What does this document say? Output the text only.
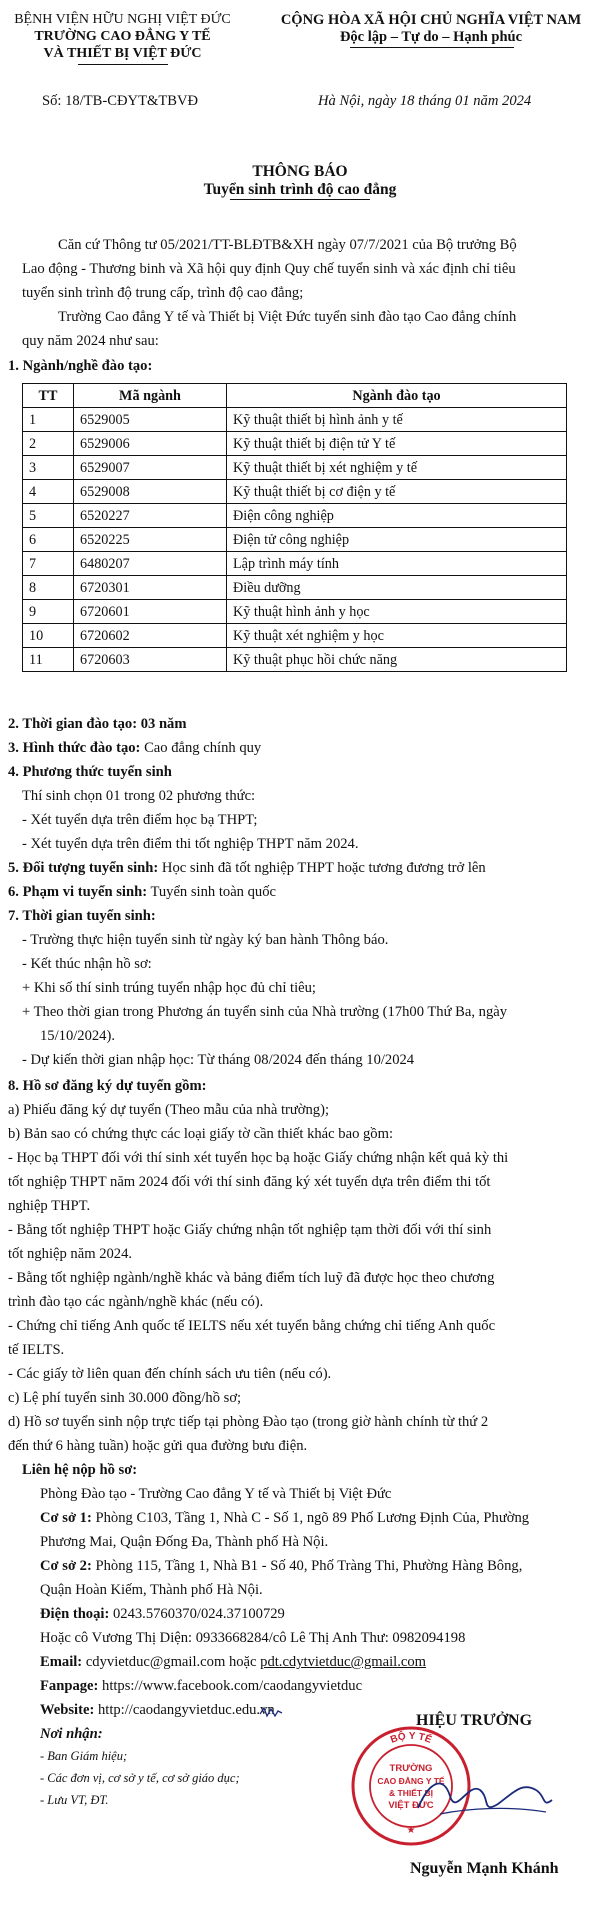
BỆNH VIỆN HỮU NGHỊ VIỆT ĐỨC
TRƯỜNG CAO ĐẲNG Y TẾ
VÀ THIẾT BỊ VIỆT ĐỨC
CỘNG HÒA XÃ HỘI CHỦ NGHĨA VIỆT NAM
Độc lập – Tự do – Hạnh phúc
Số: 18/TB-CĐYT&TBVĐ	Hà Nội, ngày 18 tháng 01 năm 2024
THÔNG BÁO
Tuyển sinh trình độ cao đẳng
Căn cứ Thông tư 05/2021/TT-BLĐTB&XH ngày 07/7/2021 của Bộ trưởng Bộ
Lao động - Thương binh và Xã hội quy định Quy chế tuyển sinh và xác định chỉ tiêu
tuyển sinh trình độ trung cấp, trình độ cao đẳng;
Trường Cao đẳng Y tế và Thiết bị Việt Đức tuyển sinh đào tạo Cao đẳng chính
quy năm 2024 như sau:
1. Ngành/nghề đào tạo:
TT	Mã ngành	Ngành đào tạo
1	6529005	Kỹ thuật thiết bị hình ảnh y tế
2	6529006	Kỹ thuật thiết bị điện tử Y tế
3	6529007	Kỹ thuật thiết bị xét nghiệm y tế
4	6529008	Kỹ thuật thiết bị cơ điện y tế
5	6520227	Điện công nghiệp
6	6520225	Điện tử công nghiệp
7	6480207	Lập trình máy tính
8	6720301	Điều dưỡng
9	6720601	Kỹ thuật hình ảnh y học
10	6720602	Kỹ thuật xét nghiệm y học
11	6720603	Kỹ thuật phục hồi chức năng
2. Thời gian đào tạo: 03 năm
3. Hình thức đào tạo: Cao đẳng chính quy
4. Phương thức tuyển sinh
Thí sinh chọn 01 trong 02 phương thức:
- Xét tuyển dựa trên điểm học bạ THPT;
- Xét tuyển dựa trên điểm thi tốt nghiệp THPT năm 2024.
5. Đối tượng tuyển sinh: Học sinh đã tốt nghiệp THPT hoặc tương đương trở lên
6. Phạm vi tuyển sinh: Tuyển sinh toàn quốc
7. Thời gian tuyển sinh:
- Trường thực hiện tuyển sinh từ ngày ký ban hành Thông báo.
- Kết thúc nhận hồ sơ:
+ Khi số thí sinh trúng tuyển nhập học đủ chỉ tiêu;
+ Theo thời gian trong Phương án tuyển sinh của Nhà trường (17h00 Thứ Ba, ngày
15/10/2024).
- Dự kiến thời gian nhập học: Từ tháng 08/2024 đến tháng 10/2024
8. Hồ sơ đăng ký dự tuyển gồm:
a) Phiếu đăng ký dự tuyển (Theo mẫu của nhà trường);
b) Bản sao có chứng thực các loại giấy tờ cần thiết khác bao gồm:
- Học bạ THPT đối với thí sinh xét tuyển học bạ hoặc Giấy chứng nhận kết quả kỳ thi
tốt nghiệp THPT năm 2024 đối với thí sinh đăng ký xét tuyển dựa trên điểm thi tốt
nghiệp THPT.
- Bằng tốt nghiệp THPT hoặc Giấy chứng nhận tốt nghiệp tạm thời đối với thí sinh
tốt nghiệp năm 2024.
- Bằng tốt nghiệp ngành/nghề khác và bảng điểm tích luỹ đã được học theo chương
trình đào tạo các ngành/nghề khác (nếu có).
- Chứng chỉ tiếng Anh quốc tế IELTS nếu xét tuyển bằng chứng chỉ tiếng Anh quốc
tế IELTS.
- Các giấy tờ liên quan đến chính sách ưu tiên (nếu có).
c) Lệ phí tuyển sinh 30.000 đồng/hồ sơ;
d) Hồ sơ tuyển sinh nộp trực tiếp tại phòng Đào tạo (trong giờ hành chính từ thứ 2
đến thứ 6 hàng tuần) hoặc gửi qua đường bưu điện.
Liên hệ nộp hồ sơ:
Phòng Đào tạo - Trường Cao đẳng Y tế và Thiết bị Việt Đức
Cơ sở 1: Phòng C103, Tầng 1, Nhà C - Số 1, ngõ 89 Phố Lương Định Của, Phường
Phương Mai, Quận Đống Đa, Thành phố Hà Nội.
Cơ sở 2: Phòng 115, Tầng 1, Nhà B1 - Số 40, Phố Tràng Thi, Phường Hàng Bông,
Quận Hoàn Kiếm, Thành phố Hà Nội.
Điện thoại: 0243.5760370/024.37100729
Hoặc cô Vương Thị Diện: 0933668284/cô Lê Thị Anh Thư: 0982094198
Email: cdyvietduc@gmail.com hoặc pdt.cdytvietduc@gmail.com
Fanpage: https://www.facebook.com/caodangyvietduc
Website: http://caodangyvietduc.edu.vn
Nơi nhận:
- Ban Giám hiệu;
- Các đơn vị, cơ sở y tế, cơ sở giáo dục;
- Lưu VT, ĐT.
HIỆU TRƯỞNG
BỘ Y TẾ
TRƯỜNG
CAO ĐẲNG Y TẾ
& THIẾT BỊ
VIỆT ĐỨC
★
Nguyễn Mạnh Khánh
